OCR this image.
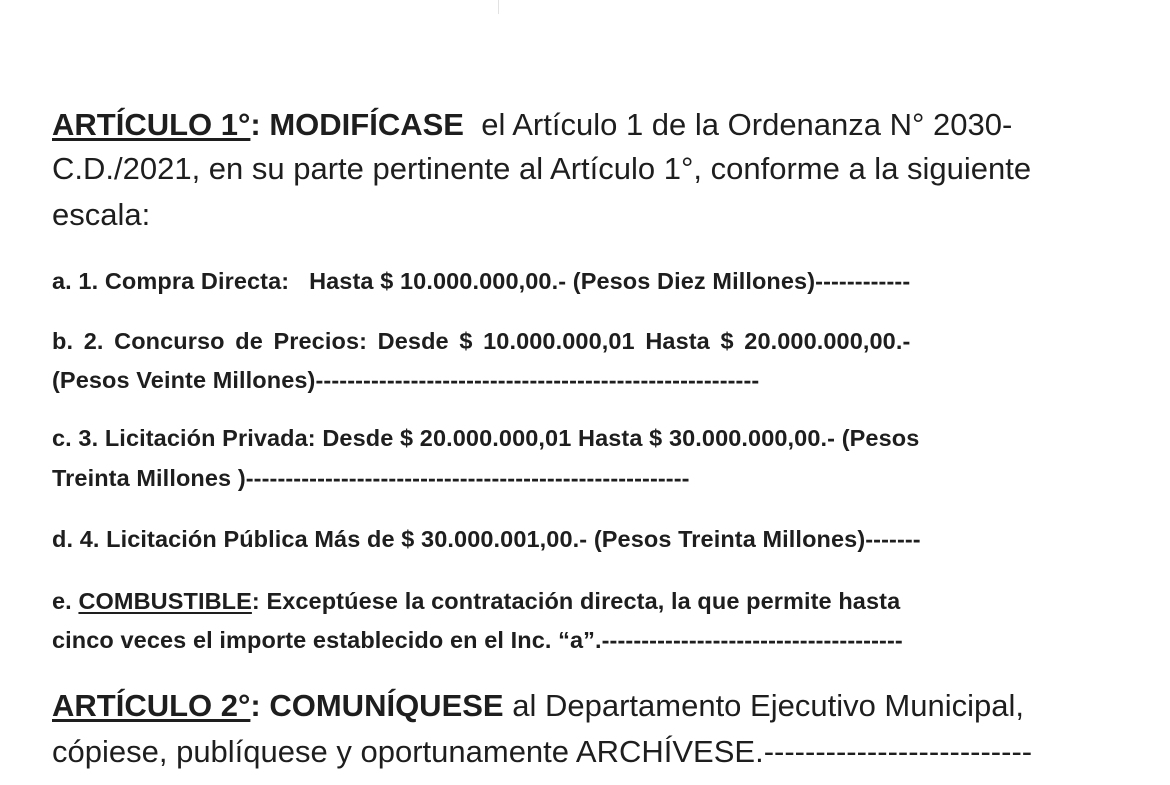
ARTÍCULO 1°: MODIFÍCASE el Artículo 1 de la Ordenanza N° 2030-
C.D./2021, en su parte pertinente al Artículo 1°, conforme a la siguiente
escala:
a. 1. Compra Directa:   Hasta $ 10.000.000,00.- (Pesos Diez Millones)------------
b. 2. Concurso de Precios: Desde $ 10.000.000,01 Hasta $ 20.000.000,00.-
(Pesos Veinte Millones)--------------------------------------------------------
c. 3. Licitación Privada: Desde $ 20.000.000,01 Hasta $ 30.000.000,00.- (Pesos
Treinta Millones )--------------------------------------------------------
d. 4. Licitación Pública Más de $ 30.000.001,00.- (Pesos Treinta Millones)-------
e. COMBUSTIBLE: Exceptúese la contratación directa, la que permite hasta
cinco veces el importe establecido en el Inc. “a”.--------------------------------------
ARTÍCULO 2°: COMUNÍQUESE al Departamento Ejecutivo Municipal,
cópiese, publíquese y oportunamente ARCHÍVESE.--------------------------
